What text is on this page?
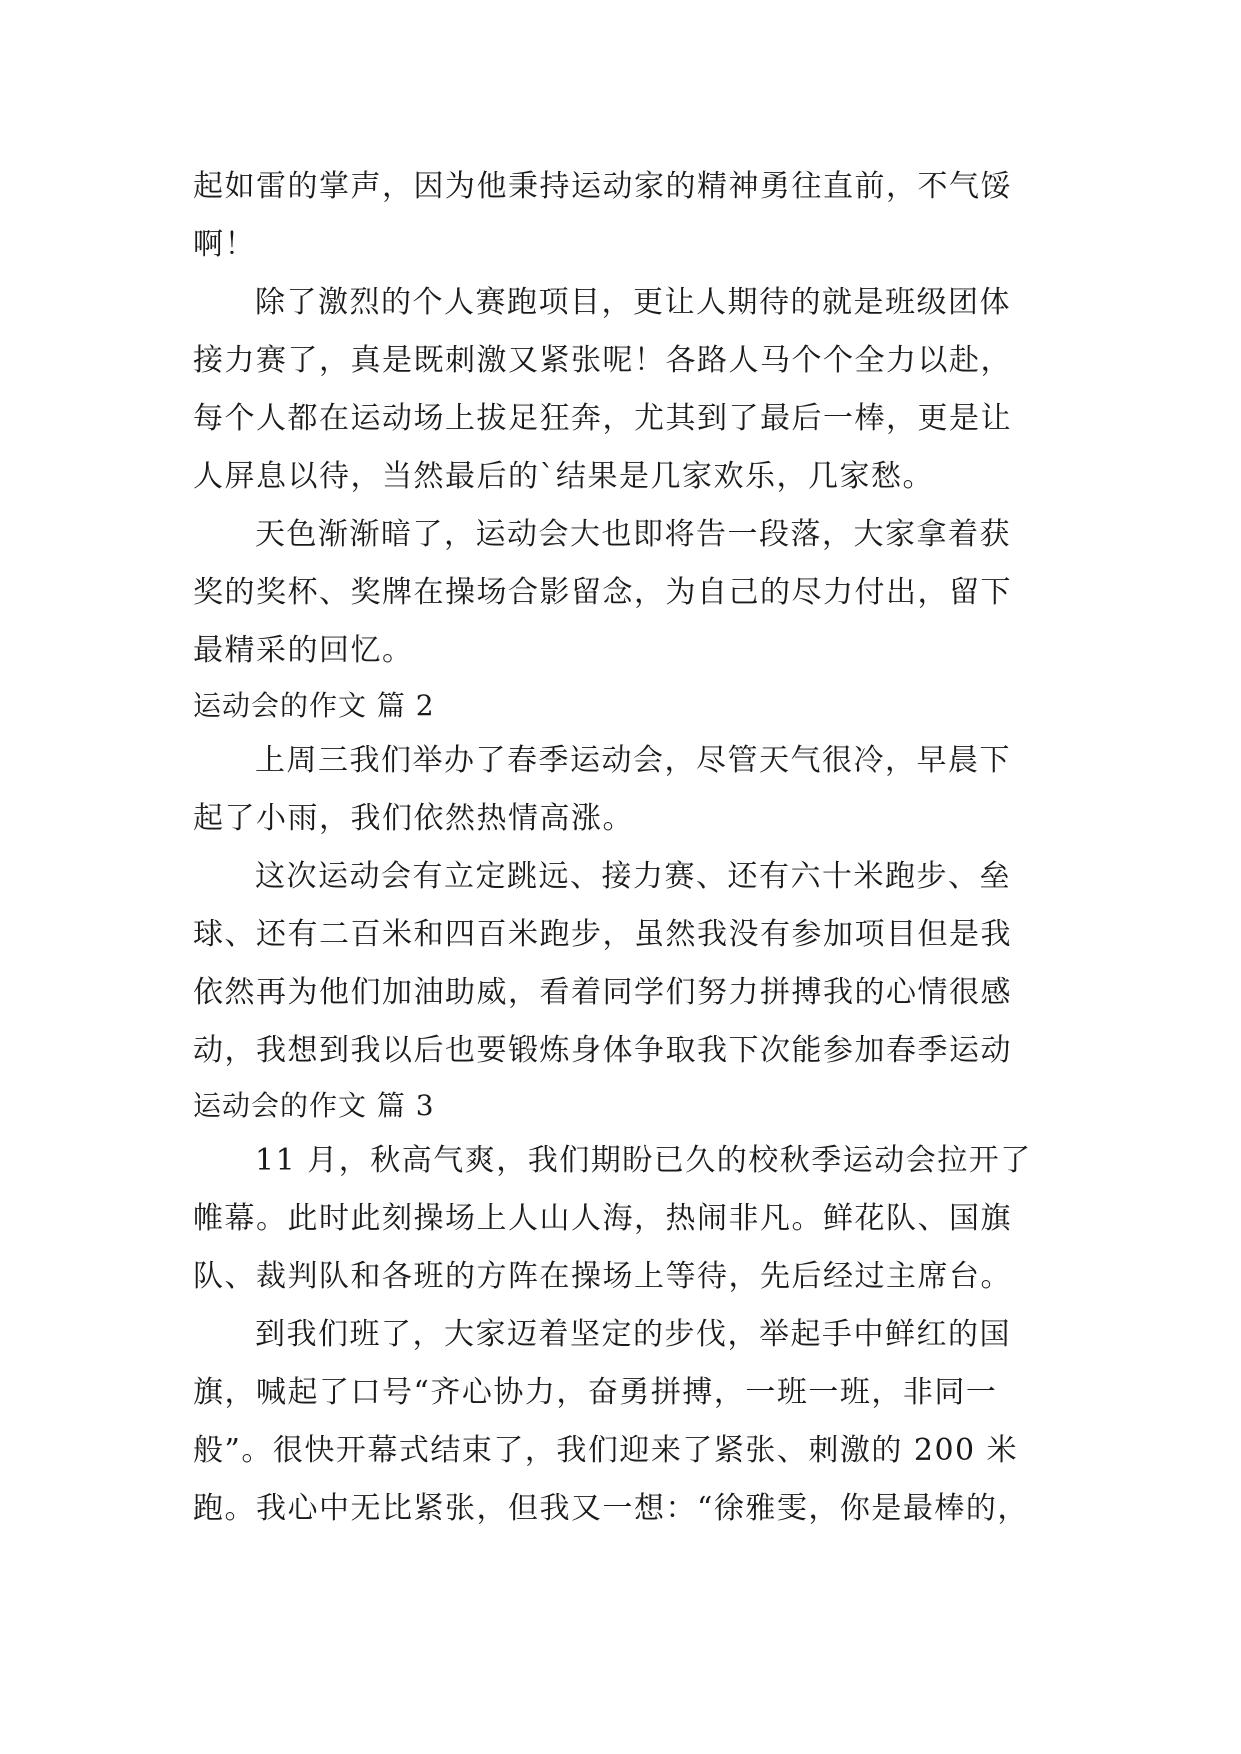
起如雷的掌声，因为他秉持运动家的精神勇往直前，不气馁
啊！
除了激烈的个人赛跑项目，更让人期待的就是班级团体
接力赛了，真是既刺激又紧张呢！各路人马个个全力以赴，
每个人都在运动场上拔足狂奔，尤其到了最后一棒，更是让
人屏息以待，当然最后的`结果是几家欢乐，几家愁。
天色渐渐暗了，运动会大也即将告一段落，大家拿着获
奖的奖杯、奖牌在操场合影留念，为自己的尽力付出，留下
最精采的回忆。
运动会的作文 篇 2
上周三我们举办了春季运动会，尽管天气很冷，早晨下
起了小雨，我们依然热情高涨。
这次运动会有立定跳远、接力赛、还有六十米跑步、垒
球、还有二百米和四百米跑步，虽然我没有参加项目但是我
依然再为他们加油助威，看着同学们努力拼搏我的心情很感
动，我想到我以后也要锻炼身体争取我下次能参加春季运动
运动会的作文 篇 3
11 月，秋高气爽，我们期盼已久的校秋季运动会拉开了
帷幕。此时此刻操场上人山人海，热闹非凡。鲜花队、国旗
队、裁判队和各班的方阵在操场上等待，先后经过主席台。
到我们班了，大家迈着坚定的步伐，举起手中鲜红的国
旗，喊起了口号“齐心协力，奋勇拼搏，一班一班，非同一
般”。很快开幕式结束了，我们迎来了紧张、刺激的 200 米
跑。我心中无比紧张，但我又一想：“徐雅雯，你是最棒的，
